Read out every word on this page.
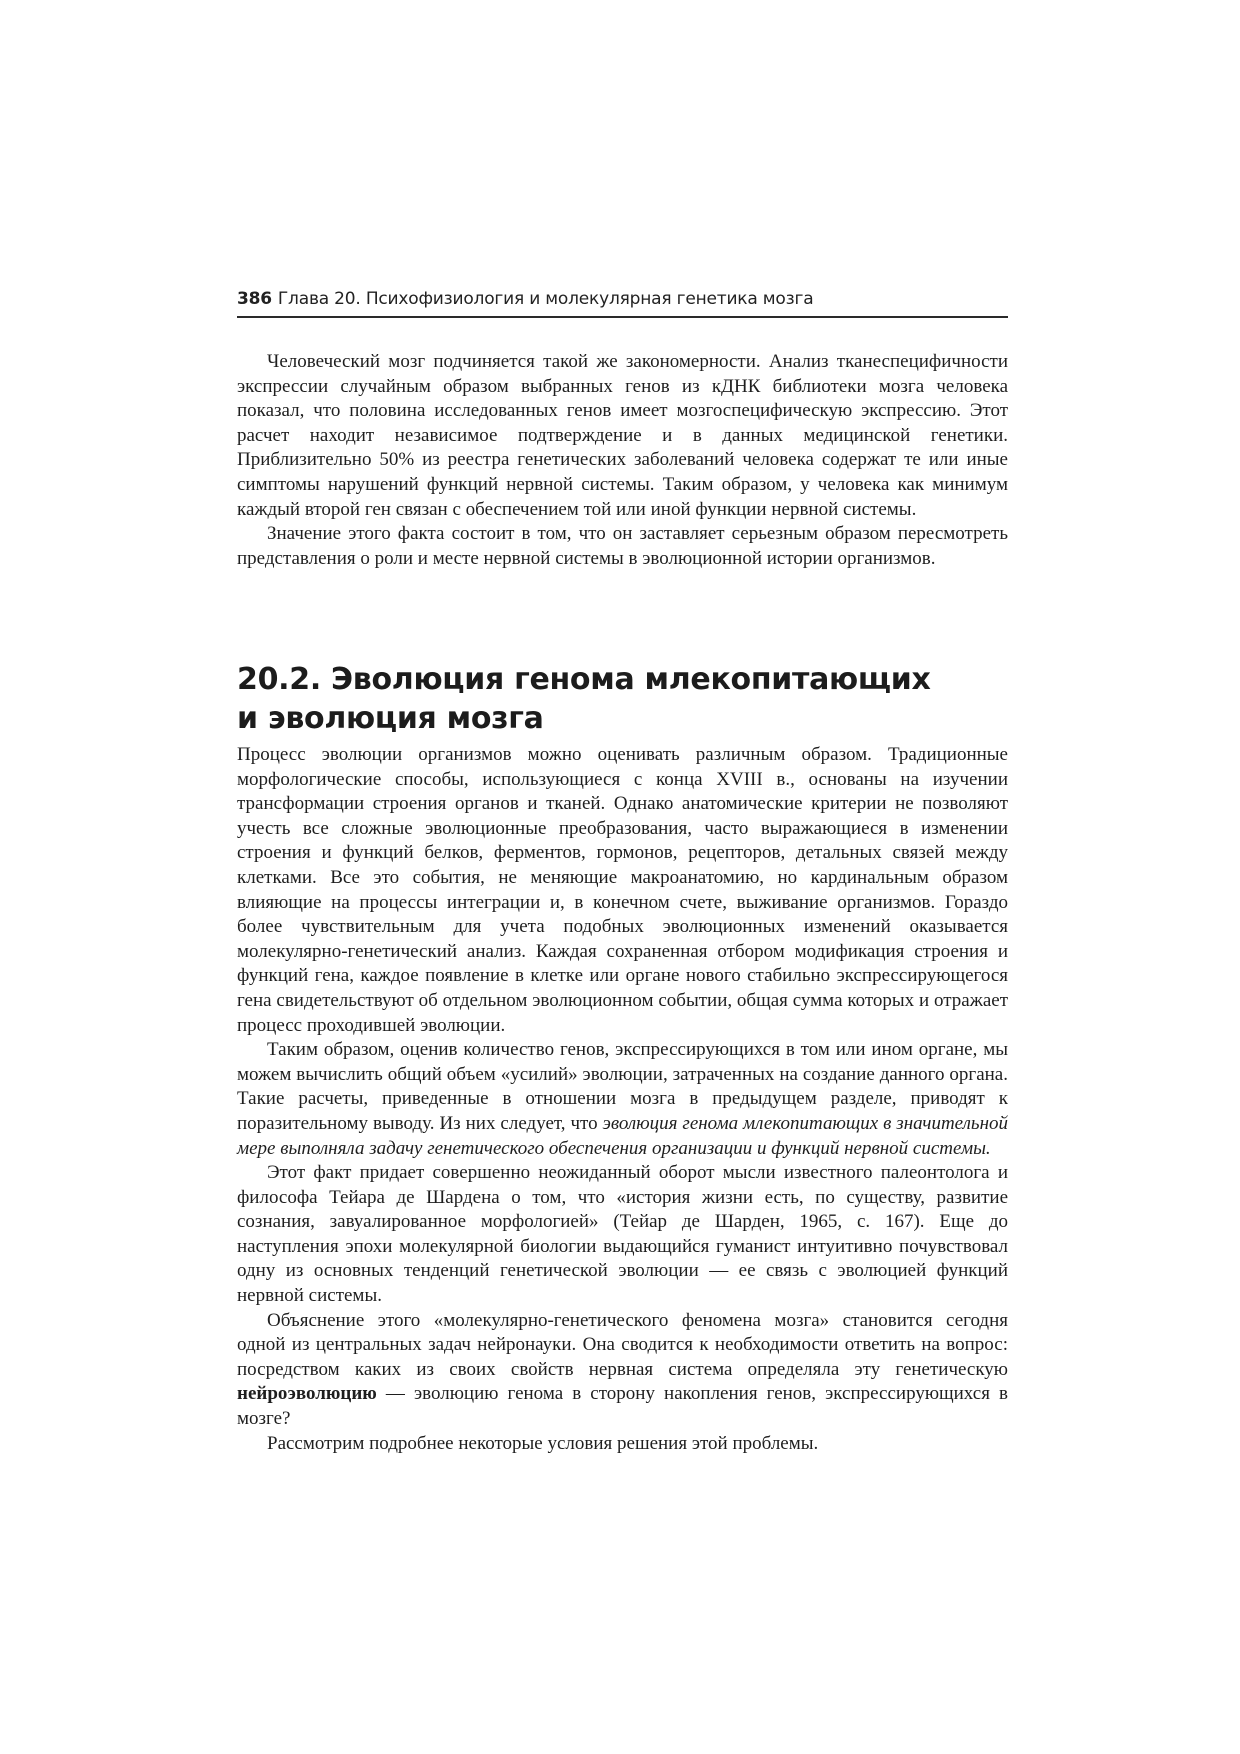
386 Глава 20. Психофизиология и молекулярная генетика мозга

Человеческий мозг подчиняется такой же закономерности. Анализ тканеспецифичности экспрессии случайным образом выбранных генов из кДНК библиотеки мозга человека показал, что половина исследованных генов имеет мозгоспецифическую экспрессию. Этот расчет находит независимое подтверждение и в данных медицинской генетики. Приблизительно 50% из реестра генетических заболеваний человека содержат те или иные симптомы нарушений функций нервной системы. Таким образом, у человека как минимум каждый второй ген связан с обеспечением той или иной функции нервной системы.

Значение этого факта состоит в том, что он заставляет серьезным образом пересмотреть представления о роли и месте нервной системы в эволюционной истории организмов.

20.2. Эволюция генома млекопитающих
и эволюция мозга

Процесс эволюции организмов можно оценивать различным образом. Традиционные морфологические способы, использующиеся с конца XVIII в., основаны на изучении трансформации строения органов и тканей. Однако анатомические критерии не позволяют учесть все сложные эволюционные преобразования, часто выражающиеся в изменении строения и функций белков, ферментов, гормонов, рецепторов, детальных связей между клетками. Все это события, не меняющие макроанатомию, но кардинальным образом влияющие на процессы интеграции и, в конечном счете, выживание организмов. Гораздо более чувствительным для учета подобных эволюционных изменений оказывается молекулярно-генетический анализ. Каждая сохраненная отбором модификация строения и функций гена, каждое появление в клетке или органе нового стабильно экспрессирующегося гена свидетельствуют об отдельном эволюционном событии, общая сумма которых и отражает процесс проходившей эволюции.

Таким образом, оценив количество генов, экспрессирующихся в том или ином органе, мы можем вычислить общий объем «усилий» эволюции, затраченных на создание данного органа. Такие расчеты, приведенные в отношении мозга в предыдущем разделе, приводят к поразительному выводу. Из них следует, что эволюция генома млекопитающих в значительной мере выполняла задачу генетического обеспечения организации и функций нервной системы.

Этот факт придает совершенно неожиданный оборот мысли известного палеонтолога и философа Тейара де Шардена о том, что «история жизни есть, по существу, развитие сознания, завуалированное морфологией» (Тейар де Шарден, 1965, с. 167). Еще до наступления эпохи молекулярной биологии выдающийся гуманист интуитивно почувствовал одну из основных тенденций генетической эволюции — ее связь с эволюцией функций нервной системы.

Объяснение этого «молекулярно-генетического феномена мозга» становится сегодня одной из центральных задач нейронауки. Она сводится к необходимости ответить на вопрос: посредством каких из своих свойств нервная система определяла эту генетическую нейроэволюцию — эволюцию генома в сторону накопления генов, экспрессирующихся в мозге?

Рассмотрим подробнее некоторые условия решения этой проблемы.
